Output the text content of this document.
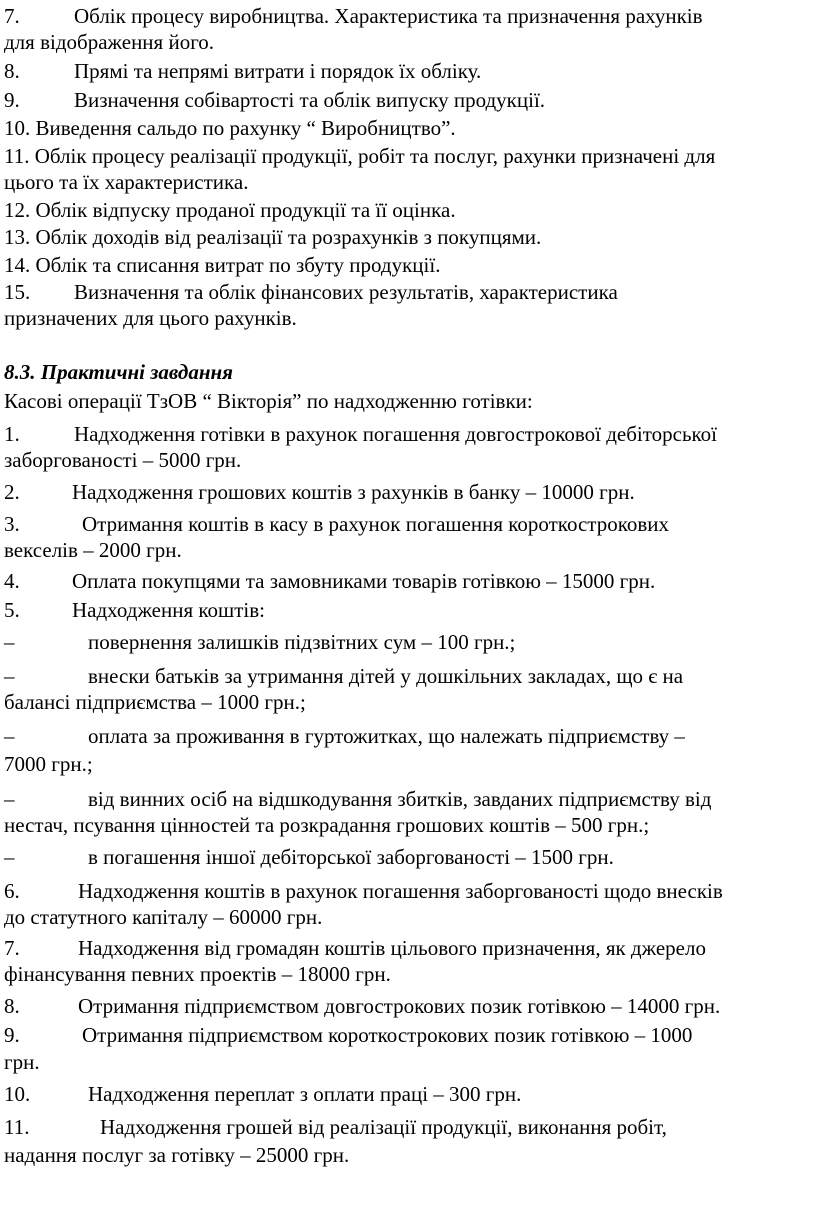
7.	Облік процесу виробництва. Характеристика та призначення рахунків
для відображення його.
8.	Прямі та непрямі витрати і порядок їх обліку.
9.	Визначення собівартості та облік випуску продукції.
10. Виведення сальдо по рахунку “ Виробництво”.
11. Облік процесу реалізації продукції, робіт та послуг, рахунки призначені для
цього та їх характеристика.
12. Облік відпуску проданої продукції та її оцінка.
13. Облік доходів від реалізації та розрахунків з покупцями.
14. Облік та списання витрат по збуту продукції.
15. Визначення та облік фінансових результатів, характеристика
призначених для цього рахунків.
8.3. Практичні завдання
Касові операції ТзОВ “ Вікторія” по надходженню готівки:
1.	Надходження готівки в рахунок погашення довгострокової дебіторської
заборгованості – 5000 грн.
2. Надходження грошових коштів з рахунків в банку – 10000 грн.
3.	Отримання коштів в касу в рахунок погашення короткострокових
векселів – 2000 грн.
4. Оплата покупцями та замовниками товарів готівкою – 15000 грн.
5. Надходження коштів:
–	повернення залишків підзвітних сум – 100 грн.;
–	внески батьків за утримання дітей у дошкільних закладах, що є на
балансі підприємства – 1000 грн.;
–	оплата за проживання в гуртожитках, що належать підприємству –
7000 грн.;
–	від винних осіб на відшкодування збитків, завданих підприємству від
нестач, псування цінностей та розкрадання грошових коштів – 500 грн.;
–	в погашення іншої дебіторської заборгованості – 1500 грн.
6.	Надходження коштів в рахунок погашення заборгованості щодо внесків
до статутного капіталу – 60000 грн.
7.	Надходження від громадян коштів цільового призначення, як джерело
фінансування певних проектів – 18000 грн.
8.	Отримання підприємством довгострокових позик готівкою – 14000 грн.
9.	Отримання підприємством короткострокових позик готівкою – 1000
грн.
10.	Надходження переплат з оплати праці – 300 грн.
11.	Надходження грошей від реалізації продукції, виконання робіт,
надання послуг за готівку – 25000 грн.
